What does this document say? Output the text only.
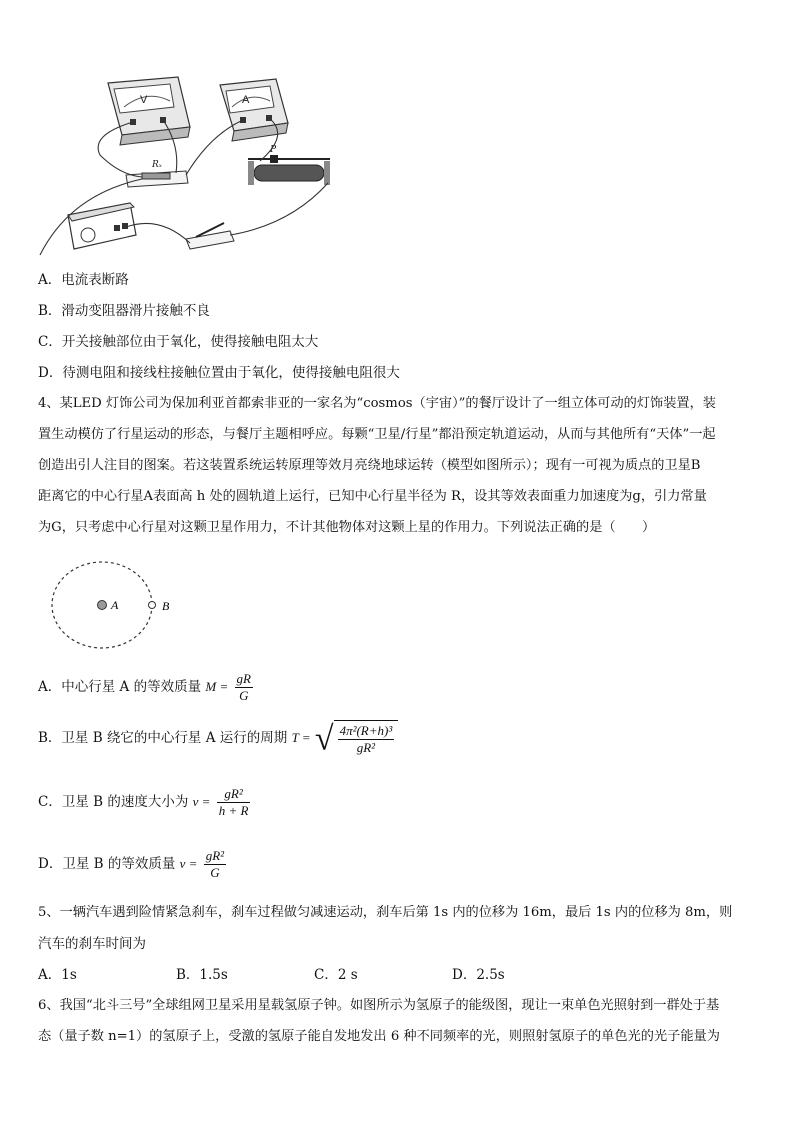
V	A
Rₓ
P
A．电流表断路
B．滑动变阻器滑片接触不良
C．开关接触部位由于氧化，使得接触电阻太大
D．待测电阻和接线柱接触位置由于氧化，使得接触电阻很大
4、某LED 灯饰公司为保加利亚首都索非亚的一家名为“cosmos（宇宙）”的餐厅设计了一组立体可动的灯饰装置，装
置生动模仿了行星运动的形态，与餐厅主题相呼应。每颗“卫星/行星”都沿预定轨道运动，从而与其他所有“天体”一起
创造出引人注目的图案。若这装置系统运转原理等效月亮绕地球运转（模型如图所示）；现有一可视为质点的卫星B
距离它的中心行星A表面高 h 处的圆轨道上运行，已知中心行星半径为 R，设其等效表面重力加速度为g，引力常量
为G，只考虑中心行星对这颗卫星作用力，不计其他物体对这颗上星的作用力。下列说法正确的是（　　）
A	B
A．中心行星 A 的等效质量 $M = \frac{gR}{G}$
B．卫星 B 绕它的中心行星 A 运行的周期 T = √ $\frac{\text{4π²(R+h)³}}{\text{gR²}}$
C．卫星 B 的速度大小为 $v = \frac{\text{gR²}}{h + R}$
D．卫星 B 的等效质量 $v = \frac{\text{gR²}}{G}$
5、一辆汽车遇到险情紧急刹车，刹车过程做匀减速运动，刹车后第 1s 内的位移为 16m，最后 1s 内的位移为 8m，则
汽车的刹车时间为
A．1s	B．1.5s	C．2 s	D．2.5s
6、我国“北斗三号”全球组网卫星采用星载氢原子钟。如图所示为氢原子的能级图，现让一束单色光照射到一群处于基
态（量子数 n=1）的氢原子上，受激的氢原子能自发地发出 6 种不同频率的光，则照射氢原子的单色光的光子能量为
